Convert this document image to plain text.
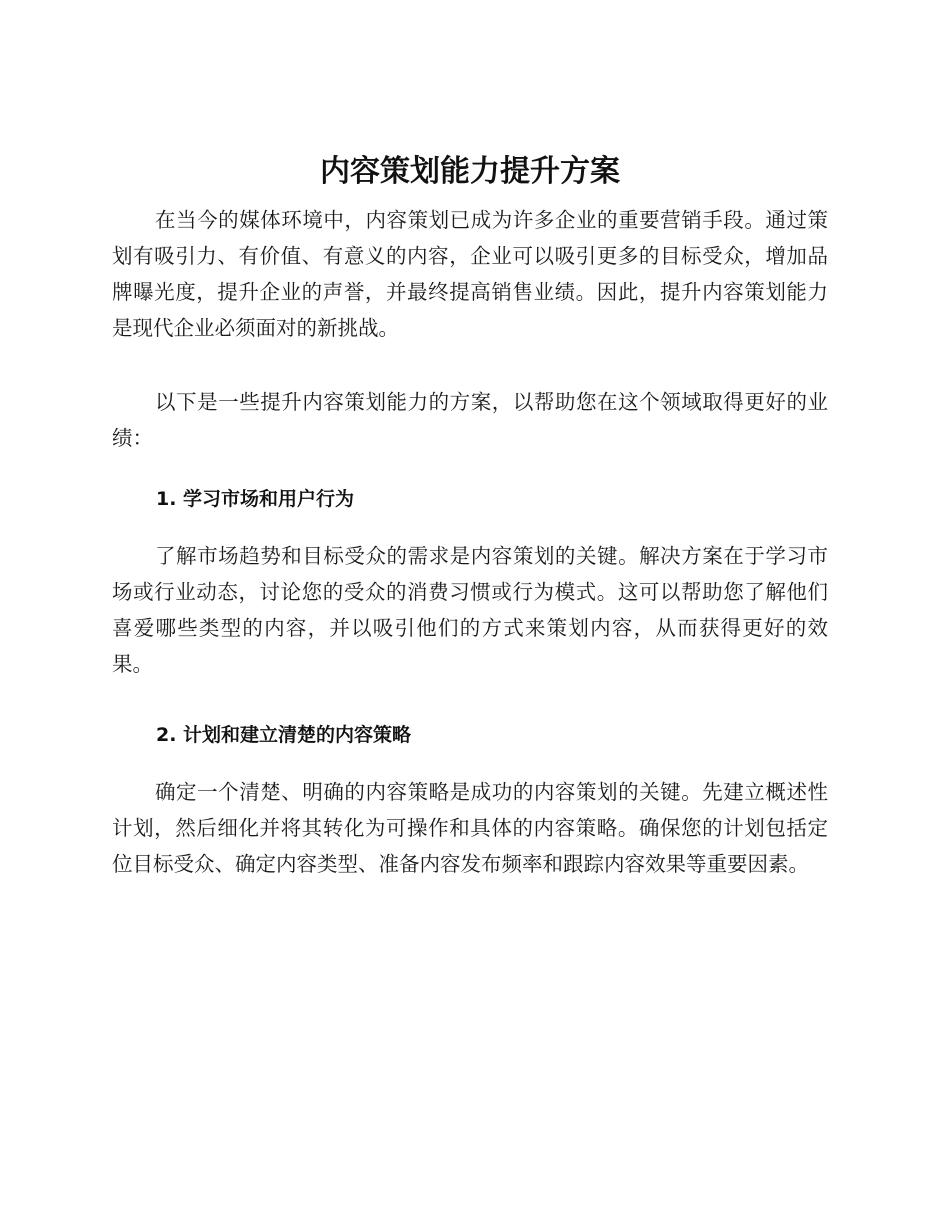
内容策划能力提升方案

在当今的媒体环境中，内容策划已成为许多企业的重要营销手段。通过策划有吸引力、有价值、有意义的内容，企业可以吸引更多的目标受众，增加品牌曝光度，提升企业的声誉，并最终提高销售业绩。因此，提升内容策划能力是现代企业必须面对的新挑战。

以下是一些提升内容策划能力的方案，以帮助您在这个领域取得更好的业绩：

1. 学习市场和用户行为

了解市场趋势和目标受众的需求是内容策划的关键。解决方案在于学习市场或行业动态，讨论您的受众的消费习惯或行为模式。这可以帮助您了解他们喜爱哪些类型的内容，并以吸引他们的方式来策划内容，从而获得更好的效果。

2. 计划和建立清楚的内容策略

确定一个清楚、明确的内容策略是成功的内容策划的关键。先建立概述性计划，然后细化并将其转化为可操作和具体的内容策略。确保您的计划包括定位目标受众、确定内容类型、准备内容发布频率和跟踪内容效果等重要因素。
